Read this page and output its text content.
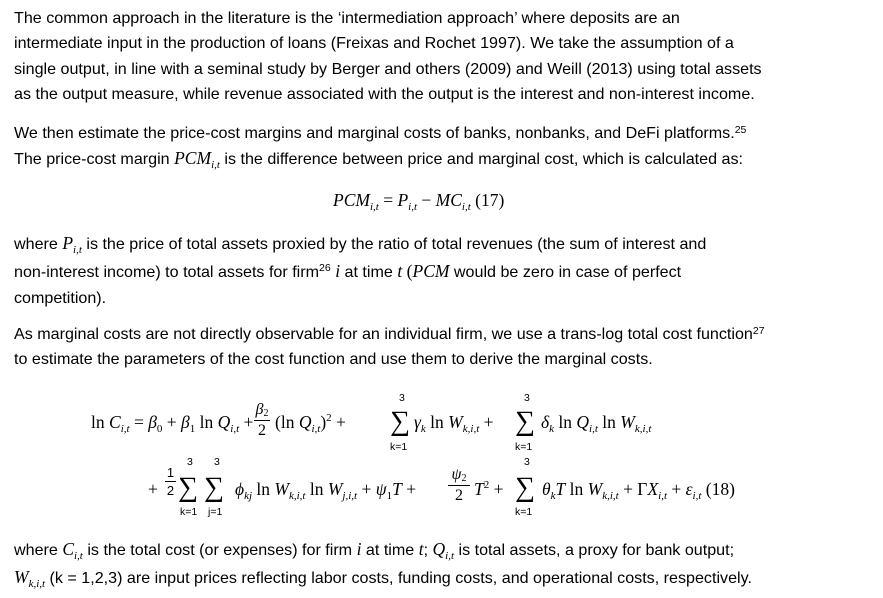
The common approach in the literature is the ‘intermediation approach’ where deposits are an
intermediate input in the production of loans (Freixas and Rochet 1997). We take the assumption of a
single output, in line with a seminal study by Berger and others (2009) and Weill (2013) using total assets
as the output measure, while revenue associated with the output is the interest and non-interest income.

We then estimate the price-cost margins and marginal costs of banks, nonbanks, and DeFi platforms.$^{25}$
The price-cost margin $PCM_{i,t}$ is the difference between price and marginal cost, which is calculated as:

$PCM_{i,t} = P_{i,t} - MC_{i,t}$ (17)

where $P_{i,t}$ is the price of total assets proxied by the ratio of total revenues (the sum of interest and
non-interest income) to total assets for firm$^{26}$ i at time t (PCM would be zero in case of perfect
competition).

As marginal costs are not directly observable for an individual firm, we use a trans-log total cost function$^{27}$
to estimate the parameters of the cost function and use them to derive the marginal costs.

$\ln C_{i,t} = \beta_0 + \beta_1$ $\ln Q_{i,t}$ +
$\beta_2$
2 (ln $Q_{i,t})^2$ +
3
∑
k=1
$\gamma_k$ $\ln W_{k,i,t}$ +
3
∑
k=1
$\delta_k$ $\ln Q_{i,t}$ $\ln W_{k,i,t}$
+
1
2
3
∑
k=1
3
∑
j=1
$\phi_{kj}$ $\ln W_{k,i,t}$ $\ln W_{j,i,t} + \psi_1T$ +
$\psi_2$
2 $T^2$ +
3
∑
k=1
$\theta_kT$ $\ln W_{k,i,t} + \Gamma X_{i,t} + \varepsilon_{i,t}$ (18)

where $C_{i,t}$ is the total cost (or expenses) for firm i at time t; $Q_{i,t}$ is total assets, a proxy for bank output;
$W_{k,i,t}$ (k = 1,2,3) are input prices reflecting labor costs, funding costs, and operational costs, respectively.
